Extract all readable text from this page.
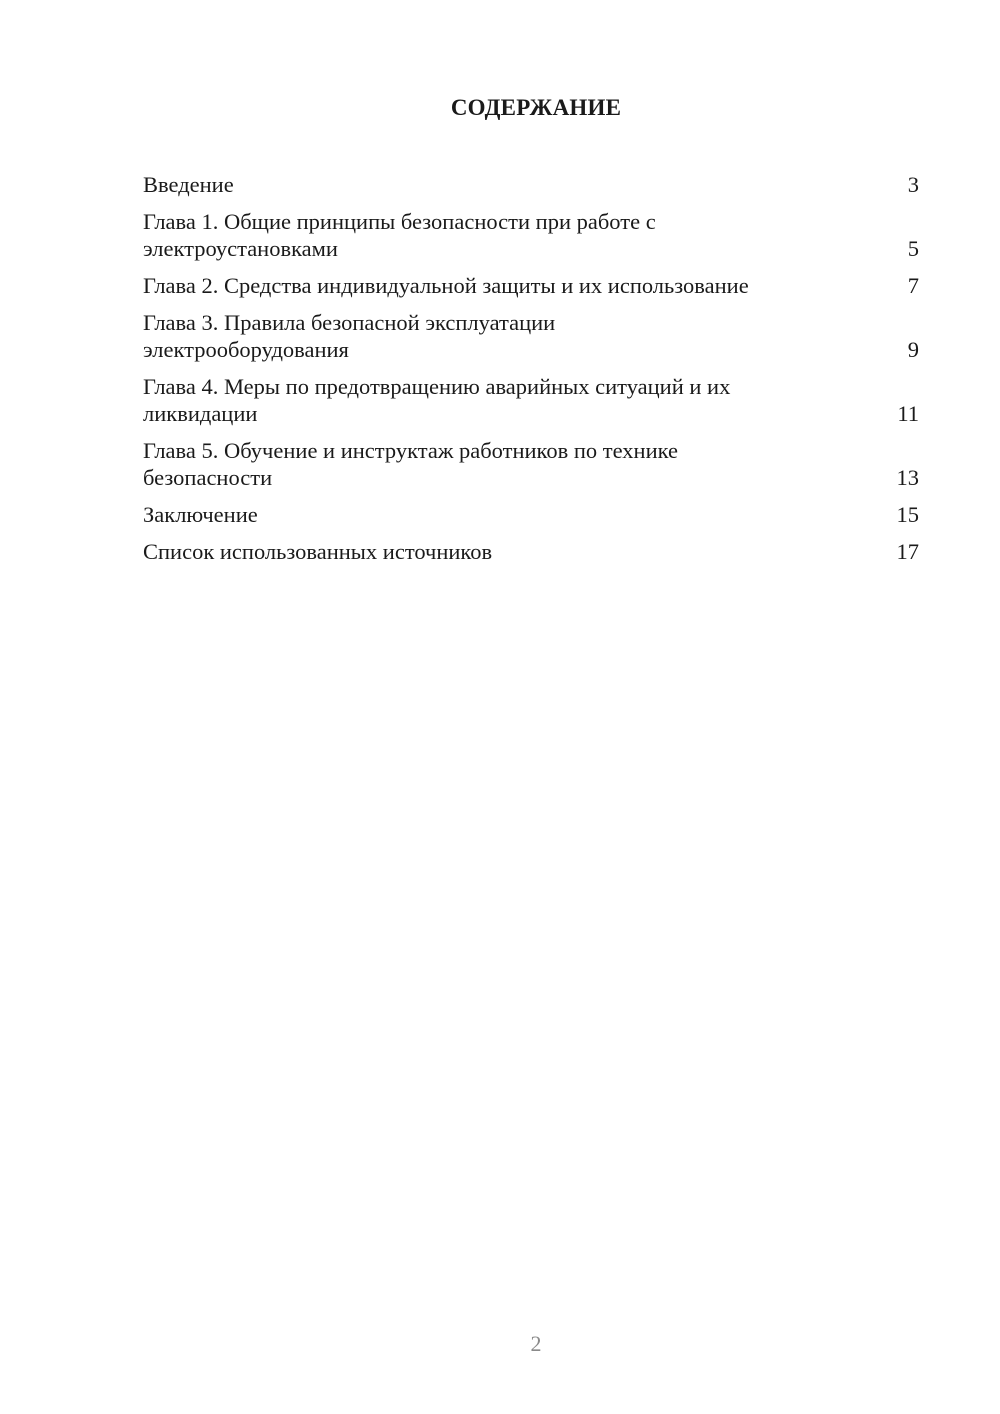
СОДЕРЖАНИЕ
Введение	3
Глава 1. Общие принципы безопасности при работе с электроустановками	5
Глава 2. Средства индивидуальной защиты и их использование	7
Глава 3. Правила безопасной эксплуатации электрооборудования	9
Глава 4. Меры по предотвращению аварийных ситуаций и их ликвидации	11
Глава 5. Обучение и инструктаж работников по технике безопасности	13
Заключение	15
Список использованных источников	17
2
